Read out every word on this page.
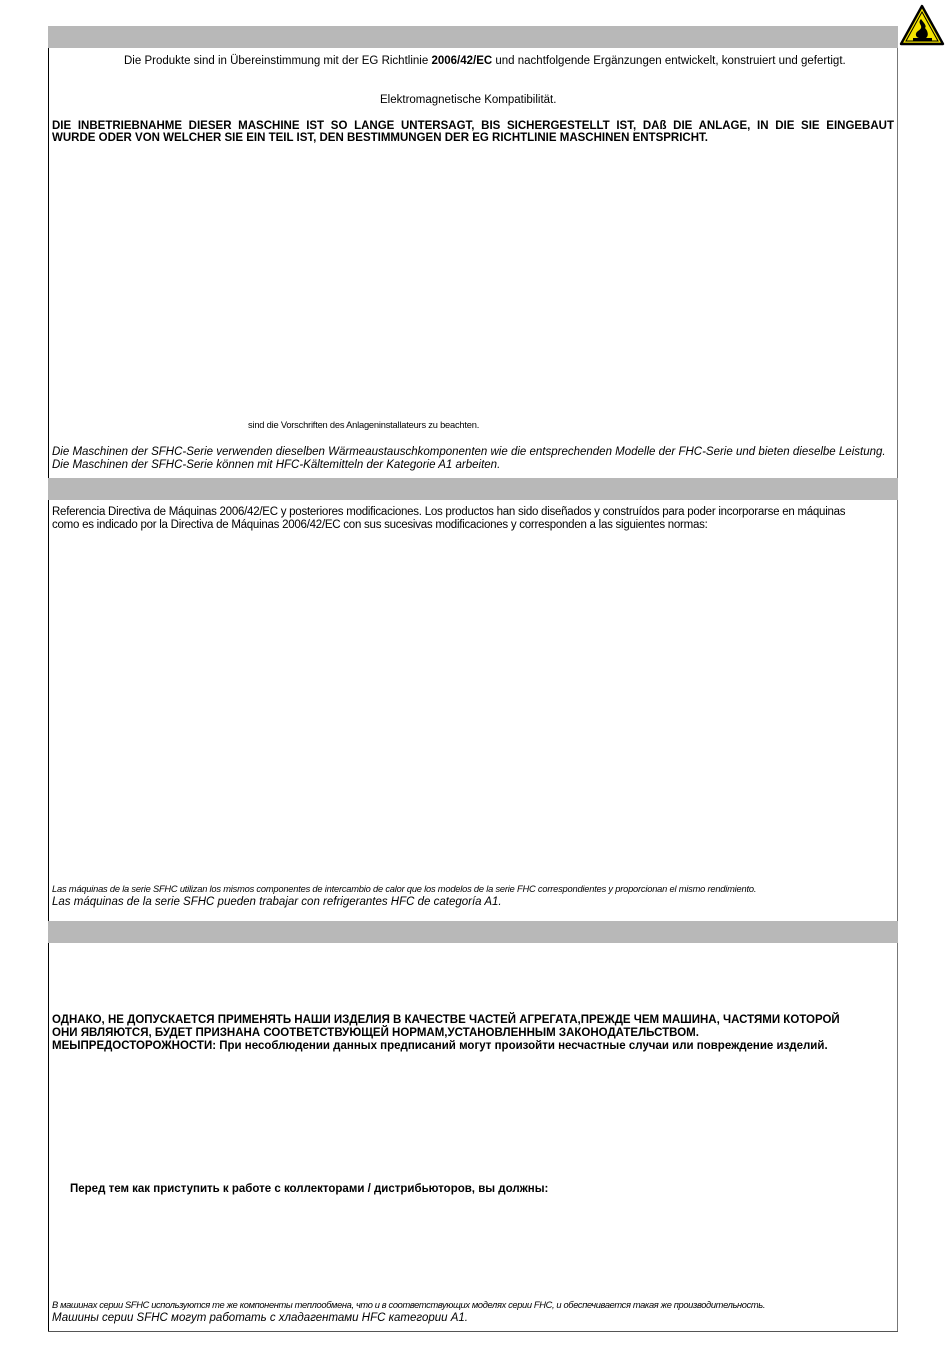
Die Produkte sind in Übereinstimmung mit der EG Richtlinie 2006/42/EC und nachtfolgende Ergänzungen entwickelt, konstruiert und gefertigt.
Elektromagnetische Kompatibilität.
DIE INBETRIEBNAHME DIESER MASCHINE IST SO LANGE UNTERSAGT, BIS SICHERGESTELLT IST, DAß DIE ANLAGE, IN DIE SIE EINGEBAUT
WURDE ODER VON WELCHER SIE EIN TEIL IST, DEN BESTIMMUNGEN DER EG RICHTLINIE MASCHINEN ENTSPRICHT.
sind die Vorschriften des Anlageninstallateurs zu beachten.
Die Maschinen der SFHC-Serie verwenden dieselben Wärmeaustauschkomponenten wie die entsprechenden Modelle der FHC-Serie und bieten dieselbe Leistung.
Die Maschinen der SFHC-Serie können mit HFC-Kältemitteln der Kategorie A1 arbeiten.
Referencia Directiva de Máquinas 2006/42/EC y posteriores modificaciones. Los productos han sido diseñados y construídos para poder incorporarse en máquinas
como es indicado por la Directiva de Máquinas 2006/42/EC con sus sucesivas modificaciones y corresponden a las siguientes normas:
Las máquinas de la serie SFHC utilizan los mismos componentes de intercambio de calor que los modelos de la serie FHC correspondientes y proporcionan el mismo rendimiento.
Las máquinas de la serie SFHC pueden trabajar con refrigerantes HFC de categoría A1.
ОДНАКО, НЕ ДОПУСКАЕТСЯ ПРИМЕНЯТЬ НАШИ ИЗДЕЛИЯ В КАЧЕСТВЕ ЧАСТЕЙ АГРЕГАТА,ПРЕЖДЕ ЧЕМ МАШИНА, ЧАСТЯМИ КОТОРОЙ
ОНИ ЯВЛЯЮТСЯ, БУДЕТ ПРИЗНАНА СООТВЕТСТВУЮЩЕЙ НОРМАМ,УСТАНОВЛЕННЫМ ЗАКОНОДАТЕЛЬСТВОМ.
МЕЫПРЕДОСТОРОЖНОСТИ: При несоблюдении данных предписаний могут произойти несчастные случаи или повреждение изделий.
Перед тем как приступить к работе с коллекторами / дистрибьюторов, вы должны:
В машинах серии SFHC используются те же компоненты теплообмена, что и в соответствующих моделях серии FHC, и обеспечивается такая же производительность.
Машины серии SFHC могут работать с хладагентами HFC категории A1.
